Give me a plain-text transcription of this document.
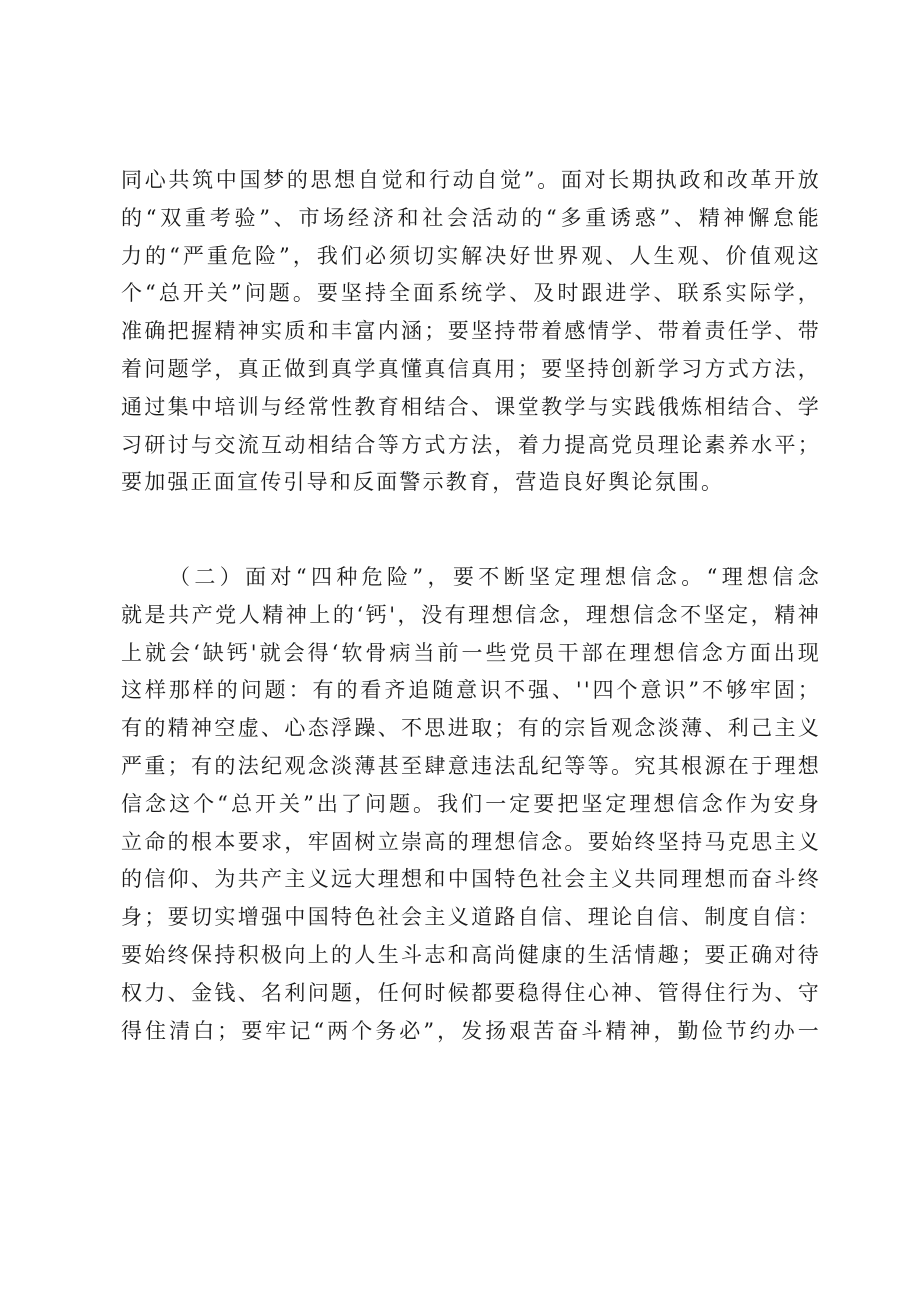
同心共筑中国梦的思想自觉和行动自觉”。面对长期执政和改革开放
的“双重考验”、市场经济和社会活动的“多重诱惑”、精神懈怠能
力的“严重危险”，我们必须切实解决好世界观、人生观、价值观这
个“总开关”问题。要坚持全面系统学、及时跟进学、联系实际学，
准确把握精神实质和丰富内涵；要坚持带着感情学、带着责任学、带
着问题学，真正做到真学真懂真信真用；要坚持创新学习方式方法，
通过集中培训与经常性教育相结合、课堂教学与实践俄炼相结合、学
习研讨与交流互动相结合等方式方法，着力提高党员理论素养水平；
要加强正面宣传引导和反面警示教育，营造良好舆论氛围。
（二）面对“四种危险”，要不断坚定理想信念。“理想信念
就是共产党人精神上的‘钙'，没有理想信念，理想信念不坚定，精神
上就会‘缺钙'就会得‘软骨病当前一些党员干部在理想信念方面出现
这样那样的问题：有的看齐追随意识不强、''四个意识”不够牢固；
有的精神空虚、心态浮躁、不思进取；有的宗旨观念淡薄、利己主义
严重；有的法纪观念淡薄甚至肆意违法乱纪等等。究其根源在于理想
信念这个“总开关”出了问题。我们一定要把坚定理想信念作为安身
立命的根本要求，牢固树立崇高的理想信念。要始终坚持马克思主义
的信仰、为共产主义远大理想和中国特色社会主义共同理想而奋斗终
身；要切实增强中国特色社会主义道路自信、理论自信、制度自信：
要始终保持积极向上的人生斗志和高尚健康的生活情趣；要正确对待
权力、金钱、名利问题，任何时候都要稳得住心神、管得住行为、守
得住清白；要牢记“两个务必”，发扬艰苦奋斗精神，勤俭节约办一
